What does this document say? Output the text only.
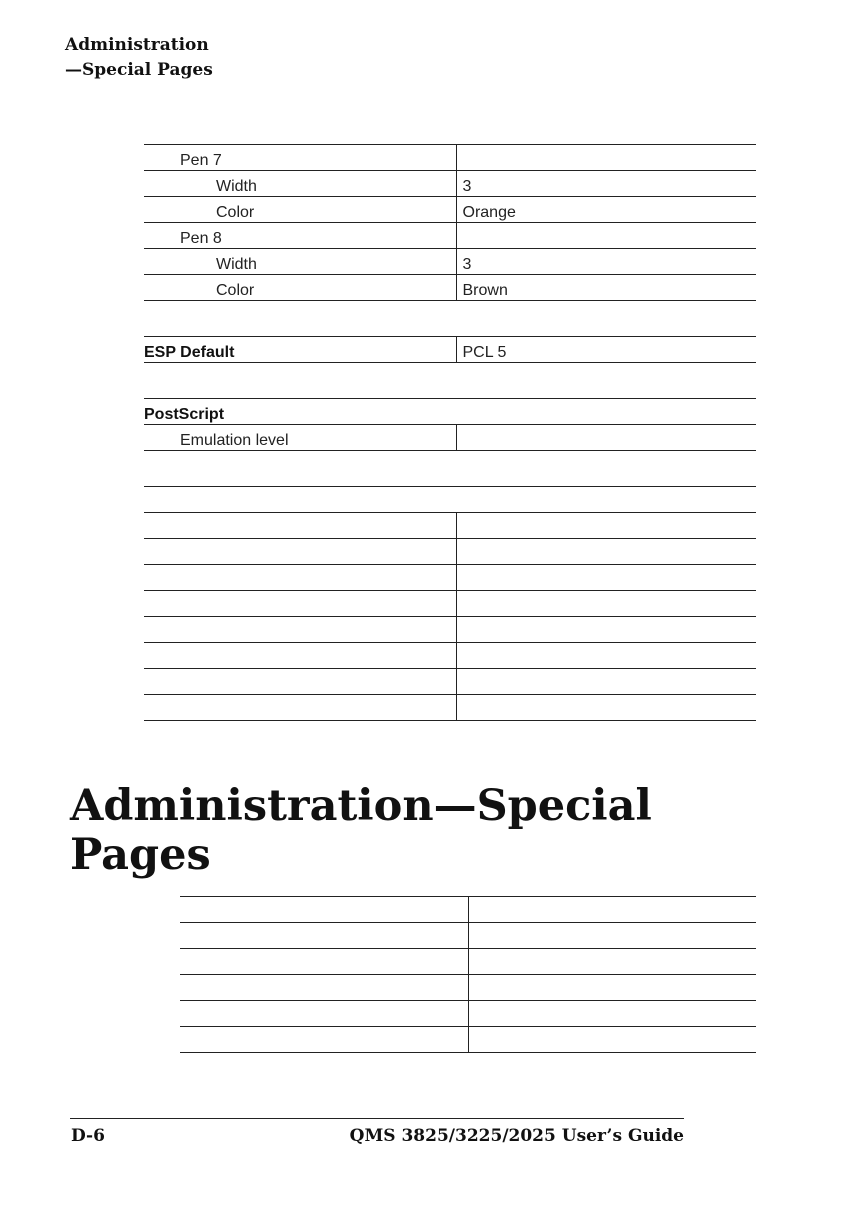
Administration
—Special Pages
Pen 7	
Width	3
Color	Orange
Pen 8	
Width	3
Color	Brown

ESP Default	PCL 5

PostScript	
Emulation level	

Administration—Special Pages

D-6	QMS 3825/3225/2025 User’s Guide
